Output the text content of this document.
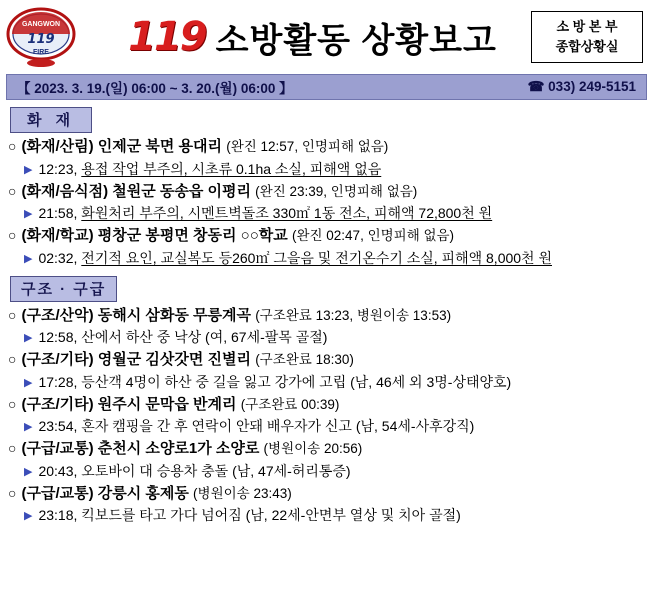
GANGWON
119
FIRE 119 소방활동 상황보고	소 방 본 부
종합상황실
【 2023. 3. 19.(일) 06:00 ~ 3. 20.(월) 06:00 】	☎ 033) 249-5151
화 재
○ (화재/산림)
인제군 북면 용대리
(완진 12:57, 인명피해 없음)
▶ 12:23,
용접 작업 부주의, 시초류 0.1ha 소실, 피해액 없음
○ (화재/음식점)
철원군 동송읍 이평리
(완진 23:39, 인명피해 없음)
▶ 21:58,
화원처리 부주의, 시멘트벽돌조 330㎡ 1동 전소, 피해액 72,800천 원
○ (화재/학교)
평창군 봉평면 창동리 ○○학교
(완진 02:47, 인명피해 없음)
▶ 02:32,
전기적 요인, 교실복도 등260㎡ 그을음 및 전기온수기 소실, 피해액 8,000천 원
구조 · 구급
○ (구조/산악)
동해시 삼화동 무릉계곡
(구조완료 13:23, 병원이송 13:53)
▶ 12:58,
산에서 하산 중 낙상 (여, 67세-팔목 골절)
○ (구조/기타)
영월군 김삿갓면 진별리
(구조완료 18:30)
▶ 17:28,
등산객 4명이 하산 중 길을 잃고 강가에 고립 (남, 46세 외 3명-상태양호)
○ (구조/기타)
원주시 문막읍 반계리
(구조완료 00:39)
▶ 23:54,
혼자 캠핑을 간 후 연락이 안돼 배우자가 신고 (남, 54세-사후강직)
○ (구급/교통)
춘천시 소양로1가 소양로
(병원이송 20:56)
▶ 20:43,
오토바이 대 승용차 충돌 (남, 47세-허리통증)
○ (구급/교통)
강릉시 홍제동
(병원이송 23:43)
▶ 23:18,
킥보드를 타고 가다 넘어짐 (남, 22세-안면부 열상 및 치아 골절)
